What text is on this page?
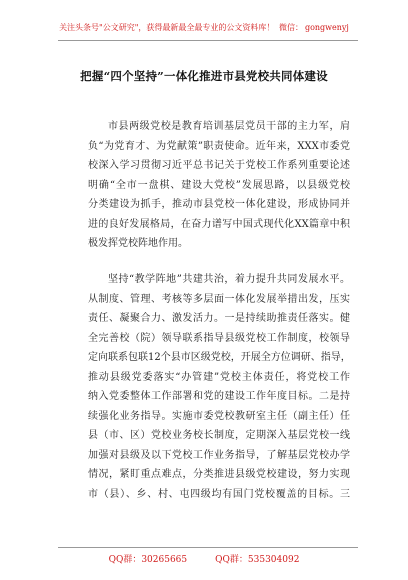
关注头条号"公文研究"，获得最新最全最专业的公文资料库！ 微信： gongwenyj
把握“四个坚持”一体化推进市县党校共同体建设
市县两级党校是教育培训基层党员干部的主力军，肩
负“为党育才、为党献策”职责使命。近年来，XXX市委党
校深入学习贯彻习近平总书记关于党校工作系列重要论述
明确“全市一盘棋、建设大党校”发展思路，以县级党校
分类建设为抓手，推动市县党校一体化建设，形成协同并
进的良好发展格局，在奋力谱写中国式现代化XX篇章中积
极发挥党校阵地作用。
坚持“教学阵地”共建共治，着力提升共同发展水平。
从制度、管理、考核等多层面一体化发展举措出发，压实
责任、凝聚合力、激发活力。一是持续助推责任落实。健
全完善校（院）领导联系指导县级党校工作制度，校领导
定向联系包联12个县市区级党校，开展全方位调研、指导，
推动县级党委落实“办管建”党校主体责任，将党校工作
纳入党委整体工作部署和党的建设工作年度目标。二是持
续强化业务指导。实施市委党校教研室主任（副主任）任
县（市、区）党校业务校长制度，定期深入基层党校一线
加强对县级及以下党校工作业务指导，了解基层党校办学
情况，紧盯重点难点，分类推进县级党校建设，努力实现
市（县）、乡、村、屯四级均有国门党校覆盖的目标。三
QQ群：30265665	QQ群：535304092
